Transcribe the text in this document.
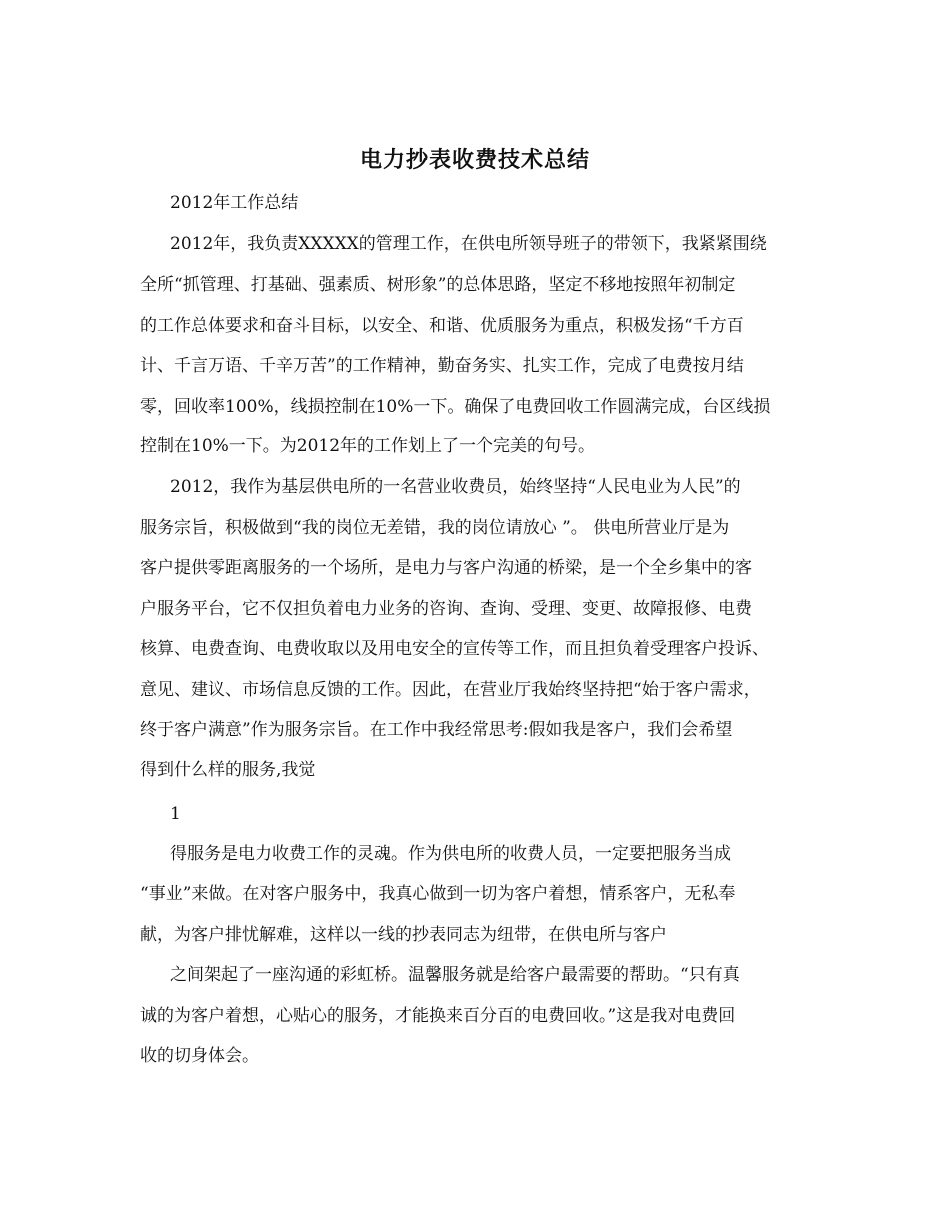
电力抄表收费技术总结
2012年工作总结
2012年，我负责XXXXX的管理工作，在供电所领导班子的带领下，我紧紧围绕
全所“抓管理、打基础、强素质、树形象”的总体思路，坚定不移地按照年初制定
的工作总体要求和奋斗目标，以安全、和谐、优质服务为重点，积极发扬“千方百
计、千言万语、千辛万苦”的工作精神，勤奋务实、扎实工作，完成了电费按月结
零，回收率100%，线损控制在10%一下。确保了电费回收工作圆满完成，台区线损
控制在10%一下。为2012年的工作划上了一个完美的句号。
2012，我作为基层供电所的一名营业收费员，始终坚持“人民电业为人民”的
服务宗旨，积极做到“我的岗位无差错，我的岗位请放心 ”。 供电所营业厅是为
客户提供零距离服务的一个场所，是电力与客户沟通的桥梁，是一个全乡集中的客
户服务平台，它不仅担负着电力业务的咨询、查询、受理、变更、故障报修、电费
核算、电费查询、电费收取以及用电安全的宣传等工作，而且担负着受理客户投诉、
意见、建议、市场信息反馈的工作。因此，在营业厅我始终坚持把“始于客户需求，
终于客户满意”作为服务宗旨。在工作中我经常思考:假如我是客户，我们会希望
得到什么样的服务,我觉
1
得服务是电力收费工作的灵魂。作为供电所的收费人员，一定要把服务当成
“事业”来做。在对客户服务中，我真心做到一切为客户着想，情系客户，无私奉
献，为客户排忧解难，这样以一线的抄表同志为纽带，在供电所与客户
之间架起了一座沟通的彩虹桥。温馨服务就是给客户最需要的帮助。“只有真
诚的为客户着想，心贴心的服务，才能换来百分百的电费回收。”这是我对电费回
收的切身体会。
